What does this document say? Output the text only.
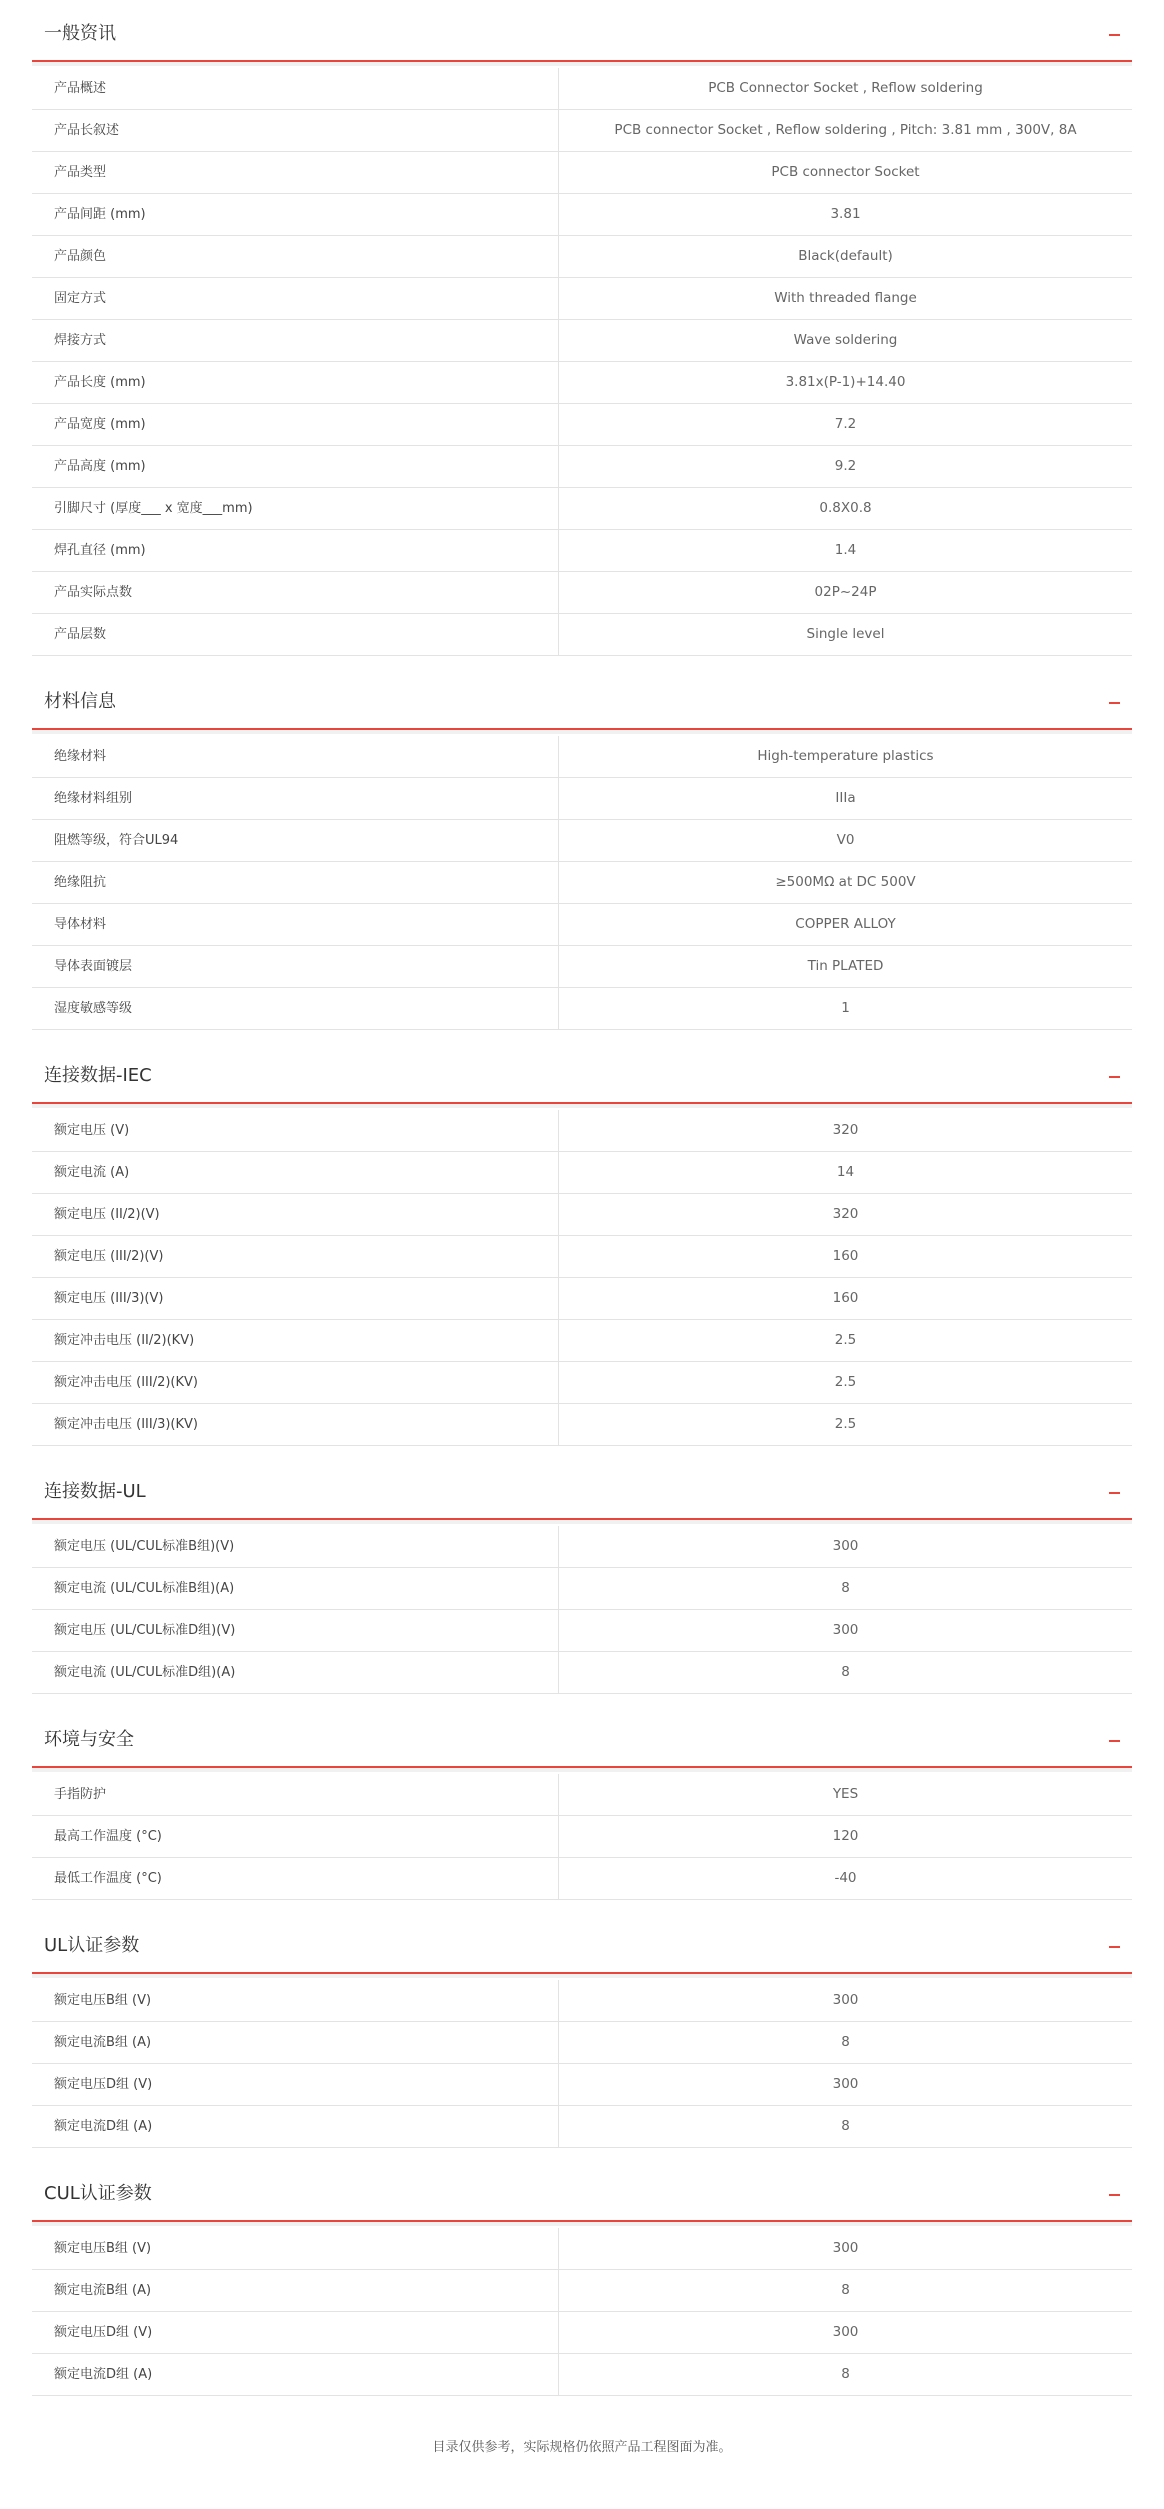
一般资讯
产品概述	PCB Connector Socket , Reflow soldering
产品长叙述	PCB connector Socket , Reflow soldering , Pitch: 3.81 mm , 300V, 8A
产品类型	PCB connector Socket
产品间距 (mm)	3.81
产品颜色	Black(default)
固定方式	With threaded flange
焊接方式	Wave soldering
产品长度 (mm)	3.81x(P-1)+14.40
产品宽度 (mm)	7.2
产品高度 (mm)	9.2
引脚尺寸 (厚度___ x 宽度___mm)	0.8X0.8
焊孔直径 (mm)	1.4
产品实际点数	02P~24P
产品层数	Single level
材料信息
绝缘材料	High-temperature plastics
绝缘材料组别	IIIa
阻燃等级，符合UL94	V0
绝缘阻抗	≥500MΩ at DC 500V
导体材料	COPPER ALLOY
导体表面镀层	Tin PLATED
湿度敏感等级	1
连接数据-IEC
额定电压 (V)	320
额定电流 (A)	14
额定电压 (II/2)(V)	320
额定电压 (III/2)(V)	160
额定电压 (III/3)(V)	160
额定冲击电压 (II/2)(KV)	2.5
额定冲击电压 (III/2)(KV)	2.5
额定冲击电压 (III/3)(KV)	2.5
连接数据-UL
额定电压 (UL/CUL标准B组)(V)	300
额定电流 (UL/CUL标准B组)(A)	8
额定电压 (UL/CUL标准D组)(V)	300
额定电流 (UL/CUL标准D组)(A)	8
环境与安全
手指防护	YES
最高工作温度 (°C)	120
最低工作温度 (°C)	-40
UL认证参数
额定电压B组 (V)	300
额定电流B组 (A)	8
额定电压D组 (V)	300
额定电流D组 (A)	8
CUL认证参数
额定电压B组 (V)	300
额定电流B组 (A)	8
额定电压D组 (V)	300
额定电流D组 (A)	8
目录仅供参考，实际规格仍依照产品工程图面为准。
